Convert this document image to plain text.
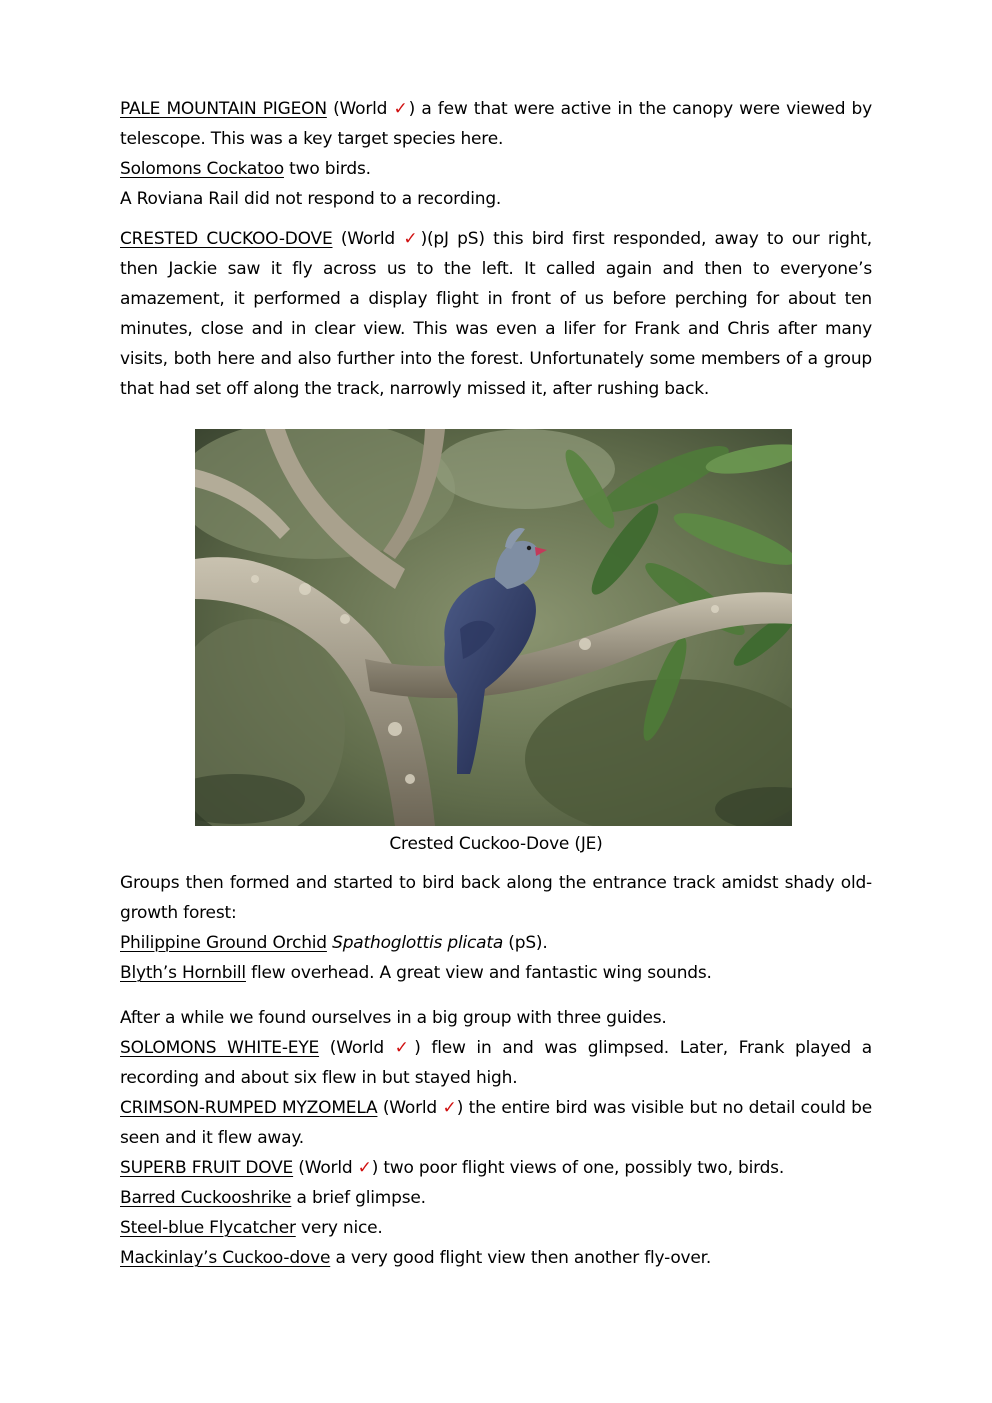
PALE MOUNTAIN PIGEON (World ✓) a few that were active in the canopy were viewed by telescope. This was a key target species here.

Solomons Cockatoo two birds.

A Roviana Rail did not respond to a recording.

CRESTED CUCKOO-DOVE (World ✓)(pJ pS) this bird first responded, away to our right, then Jackie saw it fly across us to the left. It called again and then to everyone’s amazement, it performed a display flight in front of us before perching for about ten minutes, close and in clear view. This was even a lifer for Frank and Chris after many visits, both here and also further into the forest. Unfortunately some members of a group that had set off along the track, narrowly missed it, after rushing back.

Crested Cuckoo-Dove (JE)

Groups then formed and started to bird back along the entrance track amidst shady old-growth forest:

Philippine Ground Orchid Spathoglottis plicata (pS).

Blyth’s Hornbill flew overhead. A great view and fantastic wing sounds.

After a while we found ourselves in a big group with three guides.

SOLOMONS WHITE-EYE (World ✓) flew in and was glimpsed. Later, Frank played a recording and about six flew in but stayed high.

CRIMSON-RUMPED MYZOMELA (World ✓) the entire bird was visible but no detail could be seen and it flew away.

SUPERB FRUIT DOVE (World ✓) two poor flight views of one, possibly two, birds.

Barred Cuckooshrike a brief glimpse.

Steel-blue Flycatcher very nice.

Mackinlay’s Cuckoo-dove a very good flight view then another fly-over.
